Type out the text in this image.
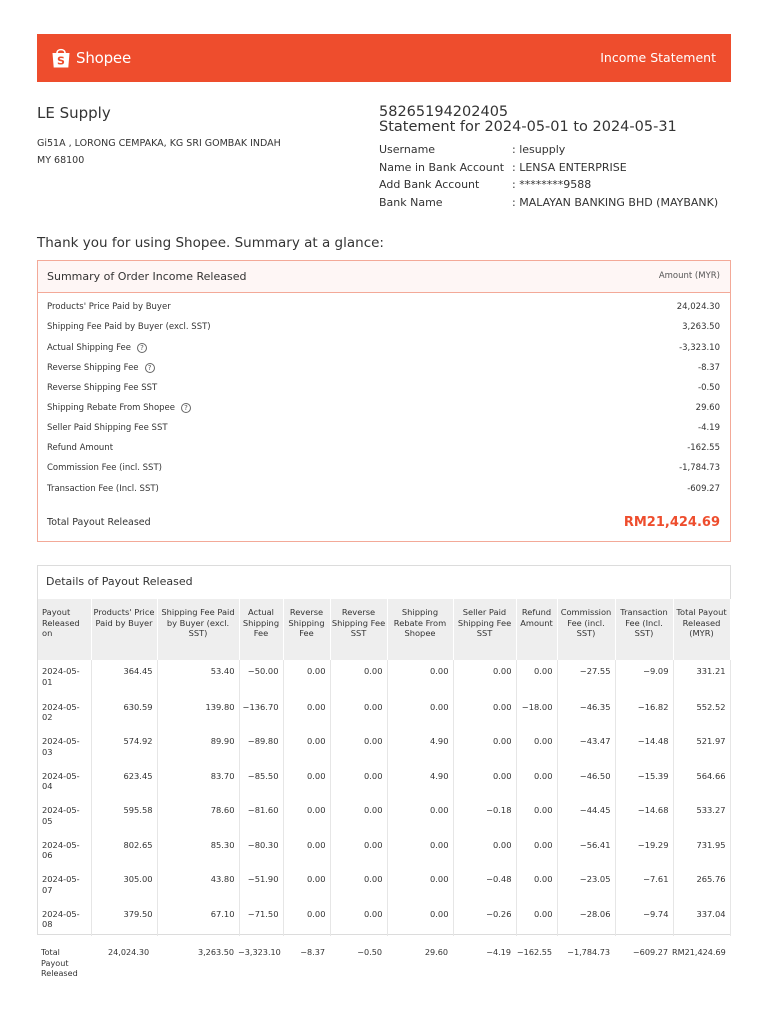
S Shopee	Income Statement
LE Supply
Gi51A , LORONG CEMPAKA, KG SRI GOMBAK INDAH
MY 68100
58265194202405
Statement for 2024-05-01 to 2024-05-31
Username	: lesupply
Name in Bank Account : LENSA ENTERPRISE
Add Bank Account	: ********9588
Bank Name	: MALAYAN BANKING BHD (MAYBANK)
Thank you for using Shopee. Summary at a glance:
Summary of Order Income Released	Amount (MYR)
Products' Price Paid by Buyer	24,024.30
Shipping Fee Paid by Buyer (excl. SST)	3,263.50
Actual Shipping Fee	?	-3,323.10
Reverse Shipping Fee	?	-8.37
Reverse Shipping Fee SST	-0.50
Shipping Rebate From Shopee	?	29.60
Seller Paid Shipping Fee SST	-4.19
Refund Amount	-162.55
Commission Fee (incl. SST)	-1,784.73
Transaction Fee (Incl. SST)	-609.27
Total Payout Released	RM21,424.69
Details of Payout Released
Payout Released on	Products' Price Paid by Buyer	Shipping Fee Paid by Buyer (excl. SST)	Actual Shipping Fee	Reverse Shipping Fee	Reverse Shipping Fee SST	Shipping Rebate From Shopee	Seller Paid Shipping Fee SST	Refund Amount	Commission Fee (incl. SST)	Transaction Fee (Incl. SST)	Total Payout Released (MYR)
2024-05-01	364.45	53.40	−50.00	0.00	0.00	0.00	0.00	0.00	−27.55	−9.09	331.21
2024-05-02	630.59	139.80	−136.70	0.00	0.00	0.00	0.00	−18.00	−46.35	−16.82	552.52
2024-05-03	574.92	89.90	−89.80	0.00	0.00	4.90	0.00	0.00	−43.47	−14.48	521.97
2024-05-04	623.45	83.70	−85.50	0.00	0.00	4.90	0.00	0.00	−46.50	−15.39	564.66
2024-05-05	595.58	78.60	−81.60	0.00	0.00	0.00	−0.18	0.00	−44.45	−14.68	533.27
2024-05-06	802.65	85.30	−80.30	0.00	0.00	0.00	0.00	0.00	−56.41	−19.29	731.95
2024-05-07	305.00	43.80	−51.90	0.00	0.00	0.00	−0.48	0.00	−23.05	−7.61	265.76
2024-05-08	379.50	67.10	−71.50	0.00	0.00	0.00	−0.26	0.00	−28.06	−9.74	337.04
Total Payout Released	24,024.30	3,263.50	−3,323.10	−8.37	−0.50	29.60	−4.19	−162.55	−1,784.73	−609.27	RM21,424.69
